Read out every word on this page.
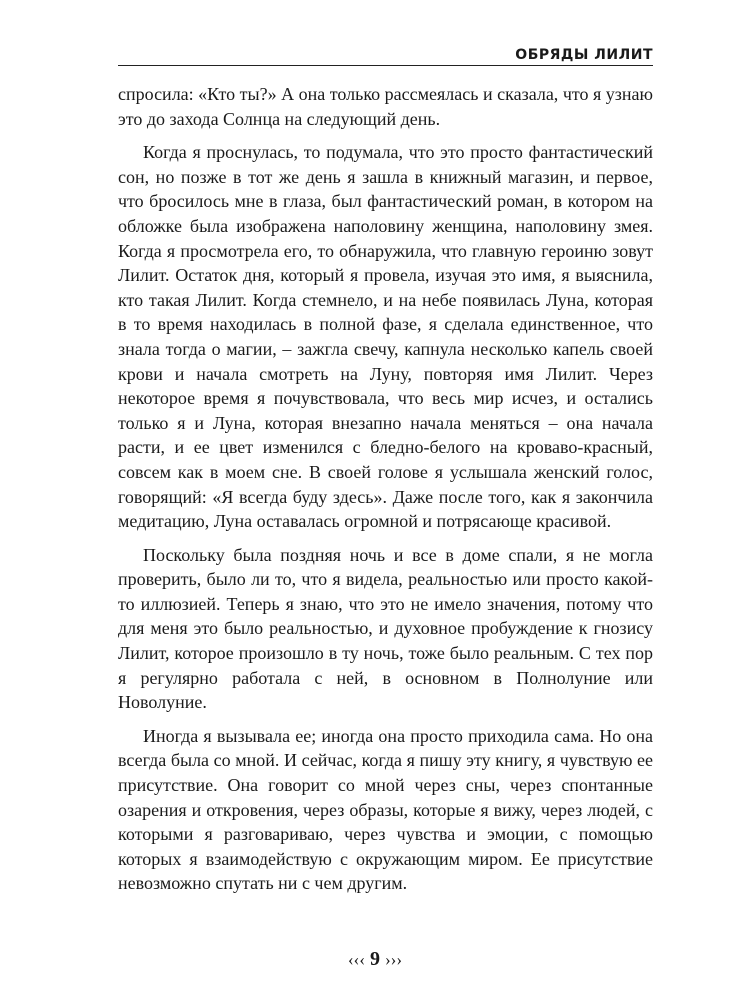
ОБРЯДЫ ЛИЛИТ

спросила: «Кто ты?» А она только рассмеялась и сказала, что я узнаю это до захода Солнца на следующий день.

Когда я проснулась, то подумала, что это просто фантастический сон, но позже в тот же день я зашла в книжный магазин, и первое, что бросилось мне в глаза, был фантастический роман, в котором на обложке была изображена наполовину женщина, наполовину змея. Когда я просмотрела его, то обнаружила, что главную героиню зовут Лилит. Остаток дня, который я провела, изучая это имя, я выяснила, кто такая Лилит. Когда стемнело, и на небе появилась Луна, которая в то время находилась в полной фазе, я сделала единственное, что знала тогда о магии, – зажгла свечу, капнула несколько капель своей крови и начала смотреть на Луну, повторяя имя Лилит. Через некоторое время я почувствовала, что весь мир исчез, и остались только я и Луна, которая внезапно начала меняться – она начала расти, и ее цвет изменился с бледно-белого на кроваво-красный, совсем как в моем сне. В своей голове я услышала женский голос, говорящий: «Я всегда буду здесь». Даже после того, как я закончила медитацию, Луна оставалась огромной и потрясающе красивой.

Поскольку была поздняя ночь и все в доме спали, я не могла проверить, было ли то, что я видела, реальностью или просто какой-то иллюзией. Теперь я знаю, что это не имело значения, потому что для меня это было реальностью, и духовное пробуждение к гнозису Лилит, которое произошло в ту ночь, тоже было реальным. С тех пор я регулярно работала с ней, в основном в Полнолуние или Новолуние.

Иногда я вызывала ее; иногда она просто приходила сама. Но она всегда была со мной. И сейчас, когда я пишу эту книгу, я чувствую ее присутствие. Она говорит со мной через сны, через спонтанные озарения и откровения, через образы, которые я вижу, через людей, с которыми я разговариваю, через чувства и эмоции, с помощью которых я взаимодействую с окружающим миром. Ее присутствие невозможно спутать ни с чем другим.

‹‹‹ 9 ›››
